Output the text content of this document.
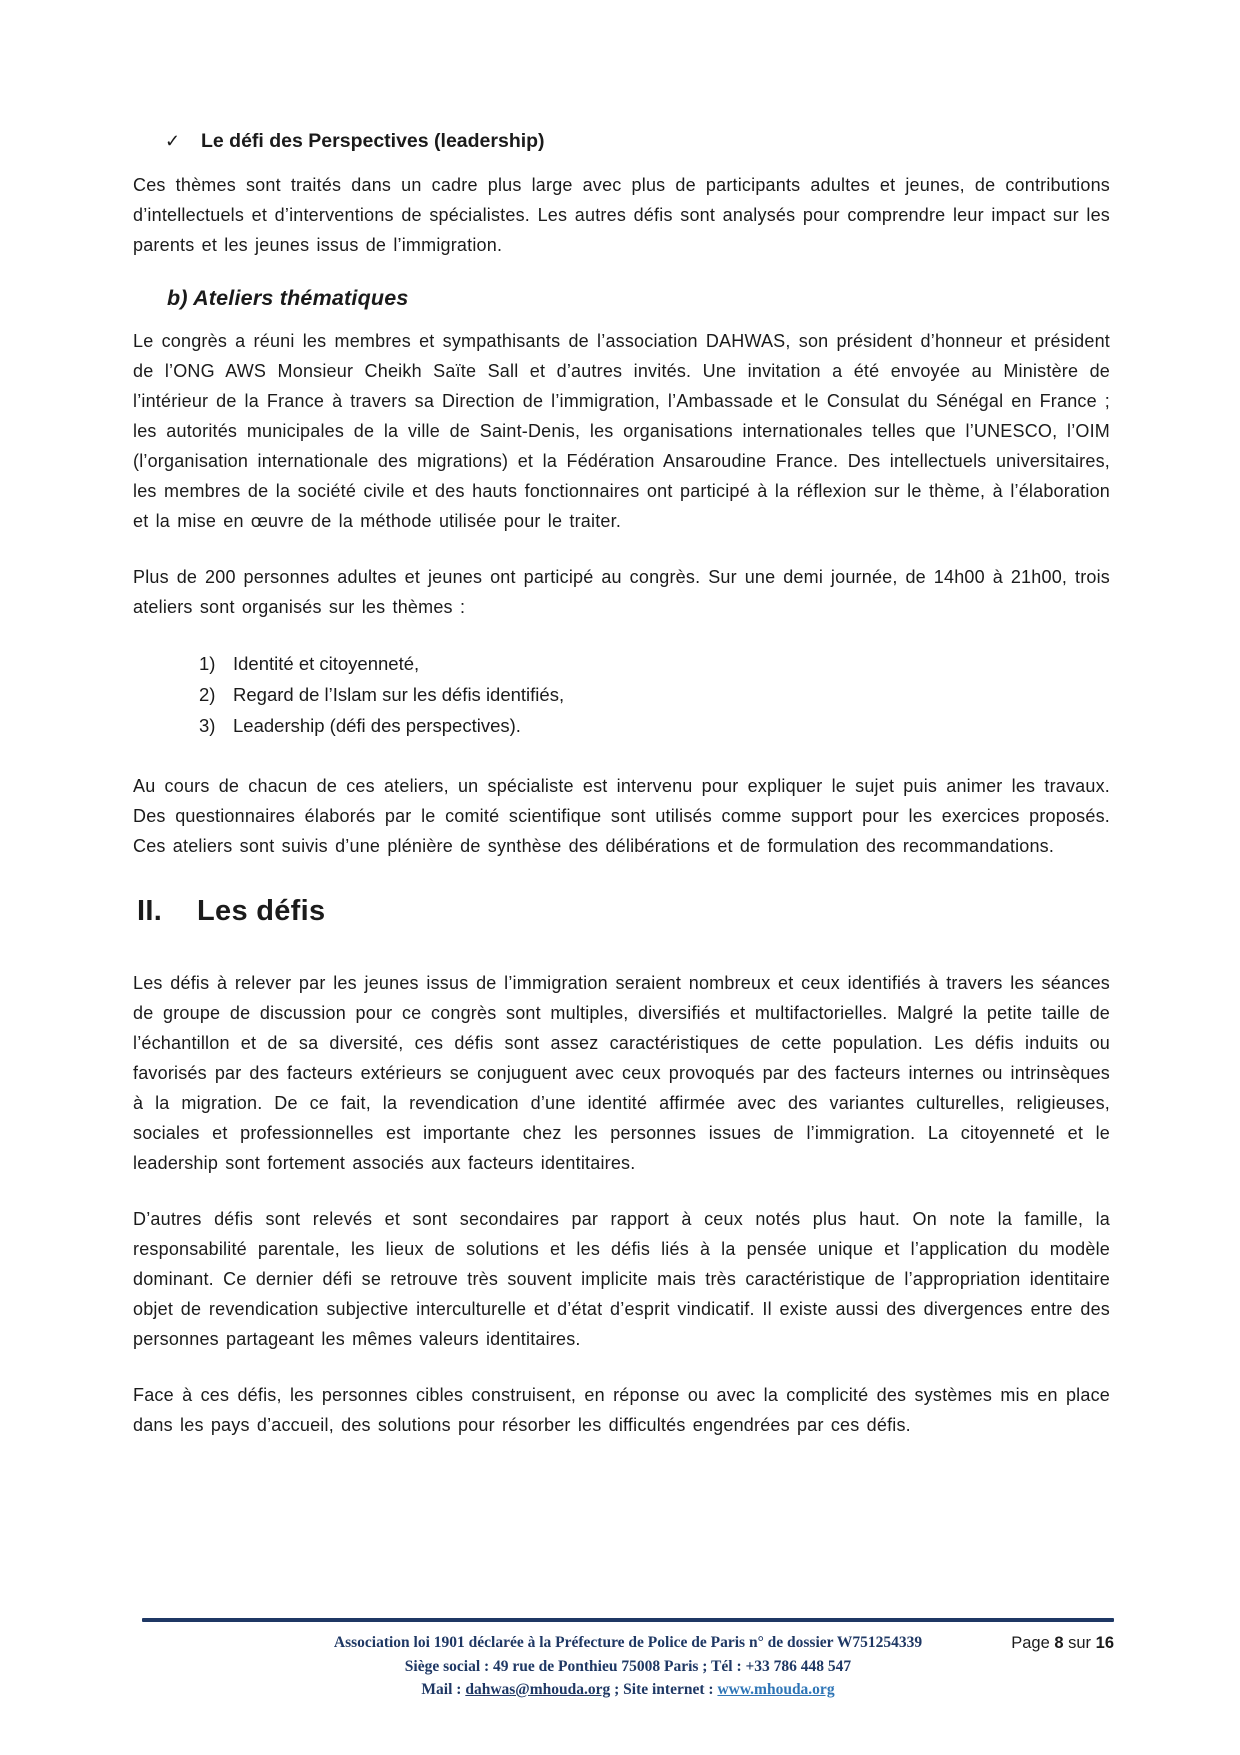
✓	Le défi des Perspectives (leadership)

Ces thèmes sont traités dans un cadre plus large avec plus de participants adultes et jeunes, de contributions d’intellectuels et d’interventions de spécialistes. Les autres défis sont analysés pour comprendre leur impact sur les parents et les jeunes issus de l’immigration.

b) Ateliers thématiques

Le congrès a réuni les membres et sympathisants de l’association DAHWAS, son président d’honneur et président de l’ONG AWS Monsieur Cheikh Saïte Sall et d’autres invités. Une invitation a été envoyée au Ministère de l’intérieur de la France à travers sa Direction de l’immigration, l’Ambassade et le Consulat du Sénégal en France ; les autorités municipales de la ville de Saint-Denis, les organisations internationales telles que l’UNESCO, l’OIM (l’organisation internationale des migrations) et la Fédération Ansaroudine France. Des intellectuels universitaires, les membres de la société civile et des hauts fonctionnaires ont participé à la réflexion sur le thème, à l’élaboration et la mise en œuvre de la méthode utilisée pour le traiter.

Plus de 200 personnes adultes et jeunes ont participé au congrès. Sur une demi journée, de 14h00 à 21h00, trois ateliers sont organisés sur les thèmes :

1) Identité et citoyenneté,
2) Regard de l’Islam sur les défis identifiés,
3) Leadership (défi des perspectives).

Au cours de chacun de ces ateliers, un spécialiste est intervenu pour expliquer le sujet puis animer les travaux. Des questionnaires élaborés par le comité scientifique sont utilisés comme support pour les exercices proposés. Ces ateliers sont suivis d’une plénière de synthèse des délibérations et de formulation des recommandations.

II.	Les défis

Les défis à relever par les jeunes issus de l’immigration seraient nombreux et ceux identifiés à travers les séances de groupe de discussion pour ce congrès sont multiples, diversifiés et multifactorielles. Malgré la petite taille de l’échantillon et de sa diversité, ces défis sont assez caractéristiques de cette population. Les défis induits ou favorisés par des facteurs extérieurs se conjuguent avec ceux provoqués par des facteurs internes ou intrinsèques à la migration. De ce fait, la revendication d’une identité affirmée avec des variantes culturelles, religieuses, sociales et professionnelles est importante chez les personnes issues de l’immigration. La citoyenneté et le leadership sont fortement associés aux facteurs identitaires.

D’autres défis sont relevés et sont secondaires par rapport à ceux notés plus haut. On note la famille, la responsabilité parentale, les lieux de solutions et les défis liés à la pensée unique et l’application du modèle dominant. Ce dernier défi se retrouve très souvent implicite mais très caractéristique de l’appropriation identitaire objet de revendication subjective interculturelle et d’état d’esprit vindicatif. Il existe aussi des divergences entre des personnes partageant les mêmes valeurs identitaires.

Face à ces défis, les personnes cibles construisent, en réponse ou avec la complicité des systèmes mis en place dans les pays d’accueil, des solutions pour résorber les difficultés engendrées par ces défis.

Association loi 1901 déclarée à la Préfecture de Police de Paris n° de dossier W751254339
Siège social : 49 rue de Ponthieu 75008 Paris ; Tél : +33 786 448 547
Mail : dahwas@mhouda.org ; Site internet : www.mhouda.org
Page 8 sur 16
